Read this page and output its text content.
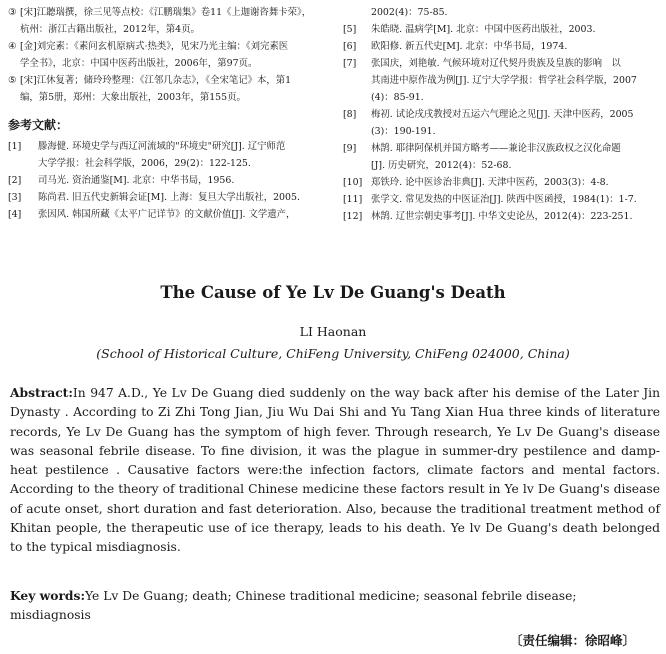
③ [宋]江聽瑞撰，徐三见等点校：《江鹏瑞集》卷11《上迦谢咨舞卡荣》，
杭州：浙江古籍出版社，2012年，第4页。
④ [金]刘完素：《素问玄机原病式·热类》，见宋乃光主编：《刘完素医
学全书》，北京：中国中医药出版社，2006年，第97页。
⑤ [宋]江休复著；储玲玲整理：《江邻几杂志》，《全宋笔记》本，第1
编，第5册，郑州：大象出版社，2003年，第155页。
参考文献：
[1] 滕海健. 环境史学与西辽河流域的"环境史"研究[J]. 辽宁师范
大学学报：社会科学版，2006，29(2)：122-125.
[2] 司马光. 资治通鉴[M]. 北京：中华书局，1956.
[3] 陈尚君. 旧五代史新辑会证[M]. 上海：复旦大学出版社，2005.
[4] 张因风. 韩国所藏《太平广记详节》的文献价值[J]. 文学遗产，
2002(4)：75-85.
[5] 朱皓晓. 温病学[M]. 北京：中国中医药出版社，2003.
[6] 欧阳修. 新五代史[M]. 北京：中华书局，1974.
[7] 张国庆，刘艳敏. 气候环境对辽代契丹贵族及皇族的影响　以
其南进中原作战为例[J]. 辽宁大学学报：哲学社会科学版，2007
(4)：85-91.
[8] 梅初. 试论戌戌教授对五运六气理论之见[J]. 天津中医药，2005
(3)：190-191.
[9] 林鹄. 耶律阿保机并国方略考——兼论非汉族政权之汉化命题
[J]. 历史研究，2012(4)：52-68.
[10] 郑铁玲. 论中医诊治非典[J]. 天津中医药，2003(3)：4-8.
[11] 张学文. 常见发热的中医证治[J]. 陕西中医函授，1984(1)：1-7.
[12] 林鹄. 辽世宗朝史事考[J]. 中华文史论丛，2012(4)：223-251.
The Cause of Ye Lv De Guang's Death
LI Haonan
(School of Historical Culture, ChiFeng University, ChiFeng 024000, China)
Abstract:In 947 A.D., Ye Lv De Guang died suddenly on the way back after his demise of the Later Jin Dynasty . According to Zi Zhi Tong Jian, Jiu Wu Dai Shi and Yu Tang Xian Hua three kinds of literature records, Ye Lv De Guang has the symptom of high fever. Through research, Ye Lv De Guang's disease was seasonal febrile disease. To fine division, it was the plague in summer-dry pestilence and damp-heat pestilence . Causative factors were:the infection factors, climate factors and mental factors. According to the theory of traditional Chinese medicine these factors result in Ye lv De Guang's disease of acute onset, short duration and fast deterioration. Also, because the traditional treatment method of Khitan people, the therapeutic use of ice therapy, leads to his death. Ye lv De Guang's death belonged to the typical misdiagnosis.
Key words:Ye Lv De Guang; death; Chinese traditional medicine; seasonal febrile disease; misdiagnosis
〔责任编辑：徐昭峰〕
